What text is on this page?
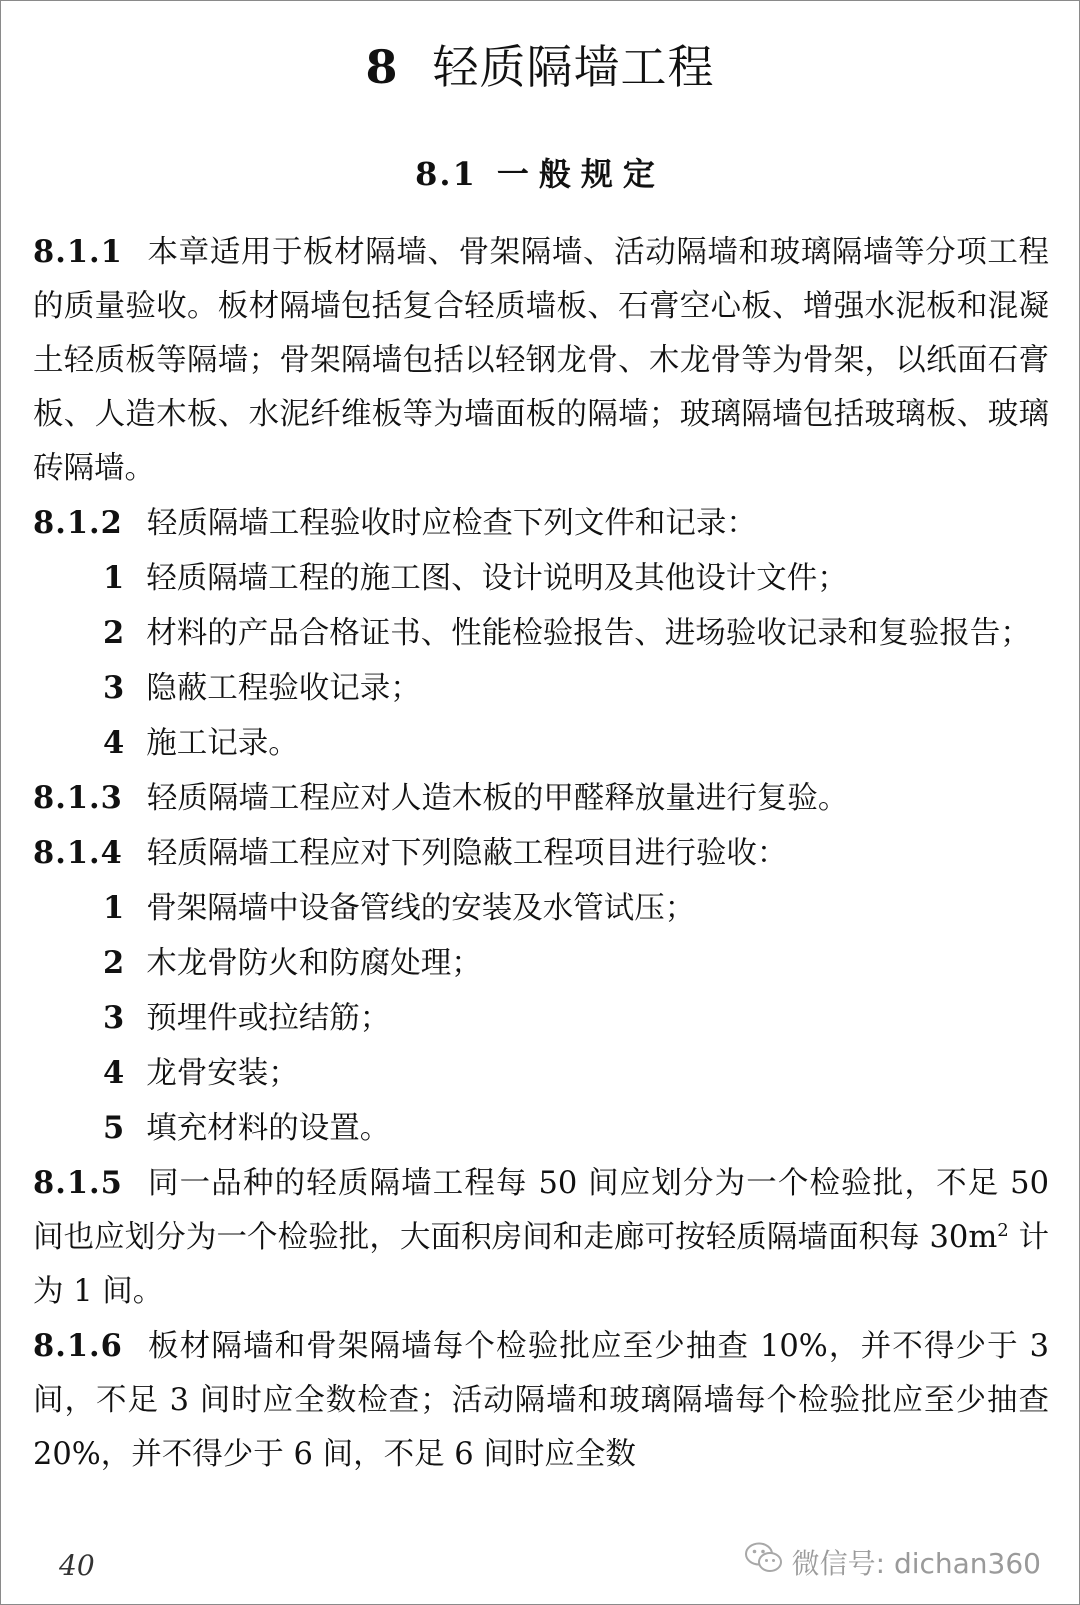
8 轻质隔墙工程
8.1 一般规定

8.1.1 本章适用于板材隔墙、骨架隔墙、活动隔墙和玻璃隔墙等分项工程的质量验收。板材隔墙包括复合轻质墙板、石膏空心板、增强水泥板和混凝土轻质板等隔墙；骨架隔墙包括以轻钢龙骨、木龙骨等为骨架，以纸面石膏板、人造木板、水泥纤维板等为墙面板的隔墙；玻璃隔墙包括玻璃板、玻璃砖隔墙。

8.1.2 轻质隔墙工程验收时应检查下列文件和记录：

1 轻质隔墙工程的施工图、设计说明及其他设计文件；

2 材料的产品合格证书、性能检验报告、进场验收记录和复验报告；

3 隐蔽工程验收记录；

4 施工记录。

8.1.3 轻质隔墙工程应对人造木板的甲醛释放量进行复验。

8.1.4 轻质隔墙工程应对下列隐蔽工程项目进行验收：

1 骨架隔墙中设备管线的安装及水管试压；

2 木龙骨防火和防腐处理；

3 预埋件或拉结筋；

4 龙骨安装；

5 填充材料的设置。

8.1.5 同一品种的轻质隔墙工程每 50 间应划分为一个检验批，不足 50 间也应划分为一个检验批，大面积房间和走廊可按轻质隔墙面积每 $30m^2$ 计为 1 间。

8.1.6 板材隔墙和骨架隔墙每个检验批应至少抽查 10%，并不得少于 3 间，不足 3 间时应全数检查；活动隔墙和玻璃隔墙每个检验批应至少抽查 20%，并不得少于 6 间，不足 6 间时应全数

40	微信号: dichan360
